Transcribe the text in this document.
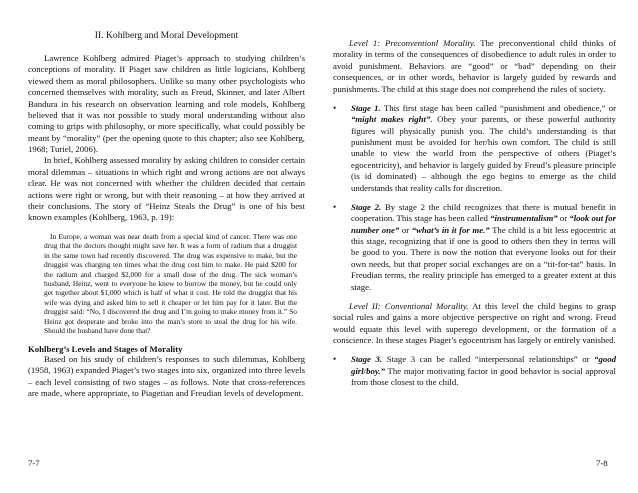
II. Kohlberg and Moral Development

Lawrence Kohlberg admired Piaget’s approach to studying children’s conceptions of morality. If Piaget saw children as little logicians, Kohlberg viewed them as moral philosophers. Unlike so many other psychologists who concerned themselves with morality, such as Freud, Skinner, and later Albert Bandura in his research on observation learning and role models, Kohlberg believed that it was not possible to study moral understanding without also coming to grips with philosophy, or more specifically, what could possibly be meant by “morality” (per the opening quote to this chapter; also see Kohlberg, 1968; Turiel, 2006).

In brief, Kohlberg assessed morality by asking children to consider certain moral dilemmas – situations in which right and wrong actions are not always clear. He was not concerned with whether the children decided that certain actions were right or wrong, but with their reasoning – at how they arrived at their conclusions. The story of “Heinz Steals the Drug” is one of his best known examples (Kohlberg, 1963, p. 19):

In Europe, a woman was near death from a special kind of cancer. There was one drug that the doctors thought might save her. It was a form of radium that a druggist in the same town had recently discovered. The drug was expensive to make, but the druggist was charging ten times what the drug cost him to make. He paid $200 for the radium and charged $2,000 for a small dose of the drug. The sick woman’s husband, Heinz, went to everyone he knew to borrow the money, but he could only get together about $1,000 which is half of what it cost. He told the druggist that his wife was dying and asked him to sell it cheaper or let him pay for it later. But the druggist said: “No, I discovered the drug and I’m going to make money from it.” So Heinz got desperate and broke into the man’s store to steal the drug for his wife. Should the husband have done that?

Kohlberg’s Levels and Stages of Morality

Based on his study of children’s responses to such dilemmas, Kohlberg (1958, 1963) expanded Piaget’s two stages into six, organized into three levels – each level consisting of two stages – as follows. Note that cross-references are made, where appropriate, to Piagetian and Freudian levels of development.

7-7

Level 1: Preconventionl Morality. The preconventional child thinks of morality in terms of the consequences of disobedience to adult rules in order to avoid punishment. Behaviors are “good” or “bad” depending on their consequences, or in other words, behavior is largely guided by rewards and punishments. The child at this stage does not comprehend the rules of society.

•	Stage 1. This first stage has been called “punishment and obedience,” or “might makes right”. Obey your parents, or these powerful authority figures will physically punish you. The child’s understanding is that punishment must be avoided for her/his own comfort. The child is still unable to view the world from the perspective of others (Piaget’s egocentricity), and behavior is largely guided by Freud’s pleasure principle (is id dominated) – although the ego begins to emerge as the child understands that reality calls for discretion.
•	Stage 2. By stage 2 the child recognizes that there is mutual benefit in cooperation. This stage has been called “instrumentalism” or “look out for number one” or “what’s in it for me.” The child is a bit less egocentric at this stage, recognizing that if one is good to others then they in terms will be good to you. There is now the notion that everyone looks out for their own needs, but that proper social exchanges are on a “tit-for-tat” basis. In Freudian terms, the reality principle has emerged to a greater extent at this stage.

Level II: Conventional Morality. At this level the child begins to grasp social rules and gains a more objective perspective on right and wrong. Freud would equate this level with superego development, or the formation of a conscience. In these stages Piaget’s egocentrism has largely or entirely vanished.

•	Stage 3. Stage 3 can be called “interpersonal relationships” or “good girl/boy.” The major motivating factor in good behavior is social approval from those closest to the child.
7-8
